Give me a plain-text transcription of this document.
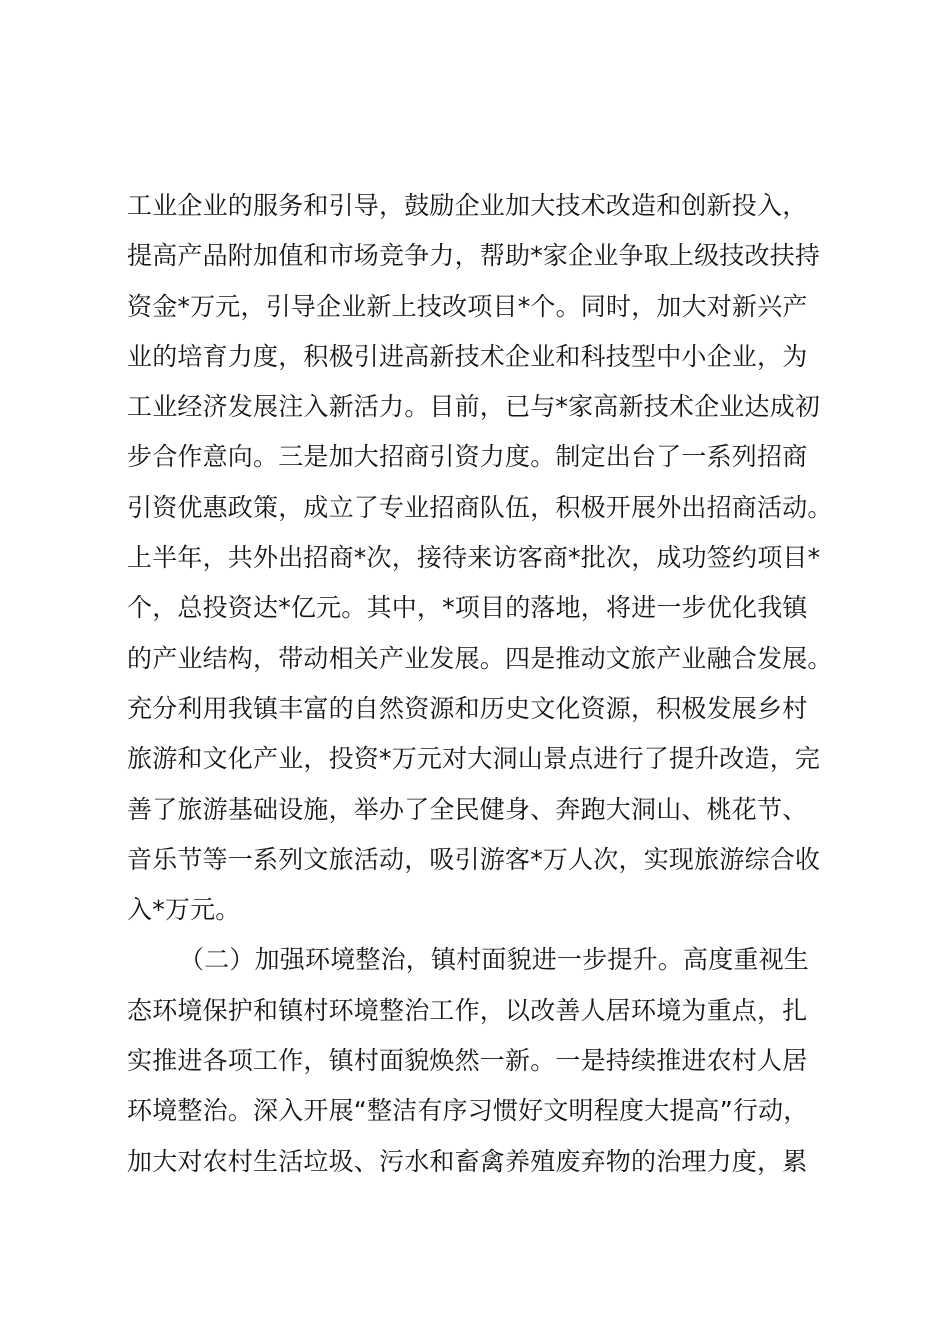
工业企业的服务和引导，鼓励企业加大技术改造和创新投入，
提高产品附加值和市场竞争力，帮助*家企业争取上级技改扶持
资金*万元，引导企业新上技改项目*个。同时，加大对新兴产
业的培育力度，积极引进高新技术企业和科技型中小企业，为
工业经济发展注入新活力。目前，已与*家高新技术企业达成初
步合作意向。三是加大招商引资力度。制定出台了一系列招商
引资优惠政策，成立了专业招商队伍，积极开展外出招商活动。
上半年，共外出招商*次，接待来访客商*批次，成功签约项目*
个，总投资达*亿元。其中，*项目的落地，将进一步优化我镇
的产业结构，带动相关产业发展。四是推动文旅产业融合发展。
充分利用我镇丰富的自然资源和历史文化资源，积极发展乡村
旅游和文化产业，投资*万元对大洞山景点进行了提升改造，完
善了旅游基础设施，举办了全民健身、奔跑大洞山、桃花节、
音乐节等一系列文旅活动，吸引游客*万人次，实现旅游综合收
入*万元。
（二）加强环境整治，镇村面貌进一步提升。高度重视生
态环境保护和镇村环境整治工作，以改善人居环境为重点，扎
实推进各项工作，镇村面貌焕然一新。一是持续推进农村人居
环境整治。深入开展“整洁有序习惯好文明程度大提高”行动，
加大对农村生活垃圾、污水和畜禽养殖废弃物的治理力度，累
